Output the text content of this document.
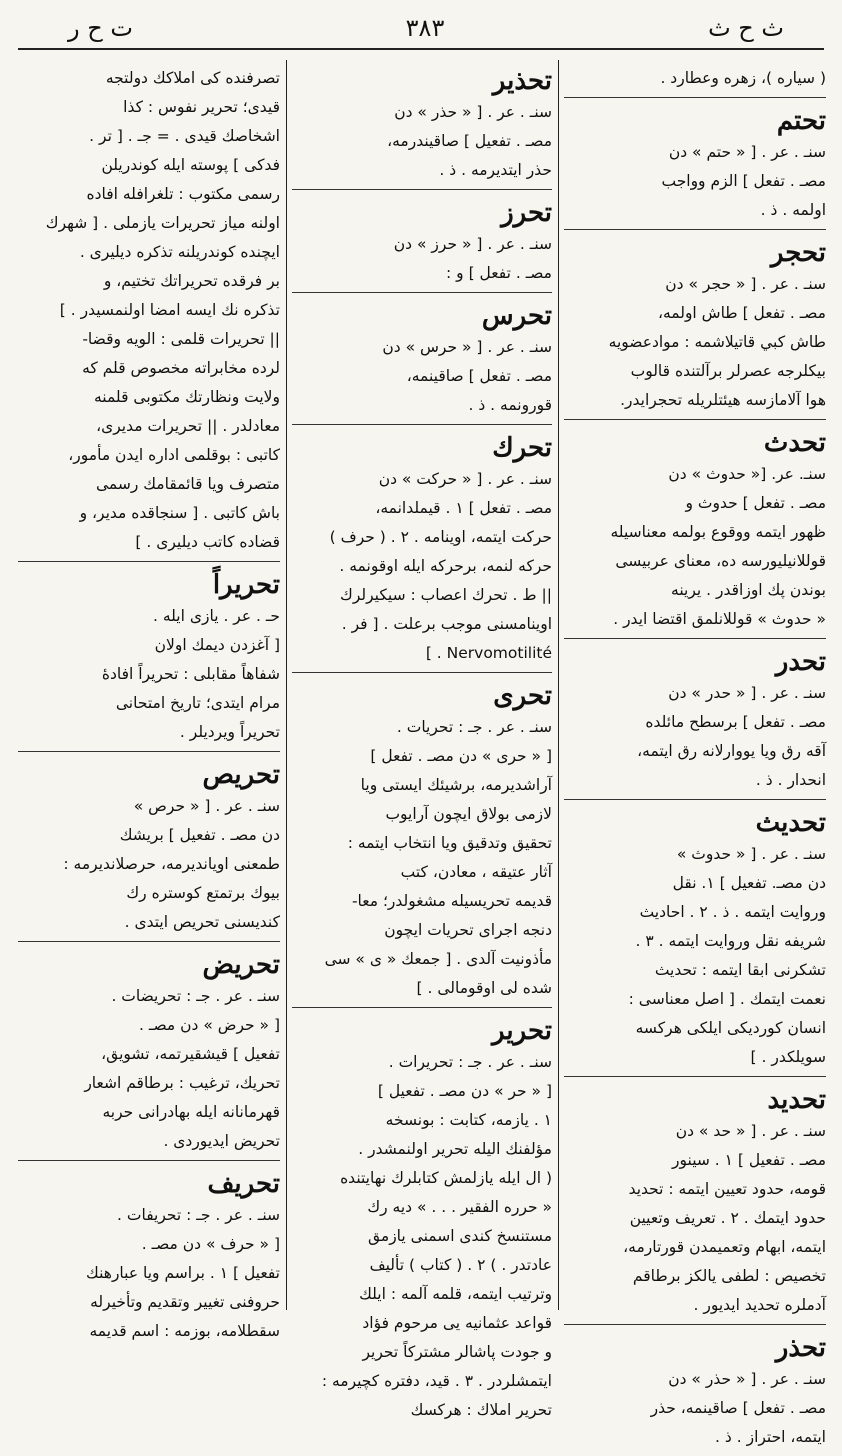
ث ح ث
٣٨٣
ت ح ر
( سياره )، زهره وعطارد .
تحتم
سنـ . عر . [ « حتم » دن
مصـ . تفعل ] الزم وواجب
اولمه . ذ .
تحجر
سنـ . عر . [ « حجر » دن
مصـ . تفعل ] طاش اولمه،
طاش كبي قاتيلاشمه : موادعضويه
بيكلرجه عصرلر برآلتنده قالوب
هوا آلامازسه هيئتلريله تحجرايدر.
تحدث
سنـ. عر. [« حدوث » دن
مصـ . تفعل ] حدوث و
ظهور ايتمه ووقوع بولمه معناسيله
قوللانيليورسه ده، معناى عربيسى
بوندن پك اوزاقدر . يرينه
« حدوث » قوللانلمق اقتضا ايدر .
تحدر
سنـ . عر . [ « حدر » دن
مصـ . تفعل ] برسطح مائلده
آقه رق ويا يووارلانه رق ايتمه،
انحدار . ذ .
تحديث
سنـ . عر . [ « حدوث »
دن مصـ. تفعيل ] ١. نقل
وروايت ايتمه . ذ . ٢ . احاديث
شريفه نقل وروايت ايتمه . ٣ .
تشكرنى ابقا ايتمه : تحديث
نعمت ايتمك . [ اصل معناسى :
انسان كورديكى ايلكى هركسه
سويلكدر . ]
تحديد
سنـ . عر . [ « حد » دن
مصـ . تفعيل ] ١ . سينور
قومه، حدود تعيين ايتمه : تحديد
حدود ايتمك . ٢ . تعريف وتعيين
ايتمه، ابهام وتعميمدن قورتارمه،
تخصيص : لطفى يالكز برطاقم
آدملره تحديد ايديور .
تحذر
سنـ . عر . [ « حذر » دن
مصـ . تفعل ] صاقينمه، حذر
ايتمه، احتراز . ذ .
تحذير
سنـ . عر . [ « حذر » دن
مصـ . تفعيل ] صاقيندرمه،
حذر ايتديرمه . ذ .
تحرز
سنـ . عر . [ « حرز » دن
مصـ . تفعل ] و :
تحرس
سنـ . عر . [ « حرس » دن
مصـ . تفعل ] صاقينمه،
قورونمه . ذ .
تحرك
سنـ . عر . [ « حركت » دن
مصـ . تفعل ] ١ . قيملدانمه،
حركت ايتمه، اوينامه . ٢ . ( حرف )
حركه لنمه، برحركه ايله اوقونمه .
|| ط . تحرك اعصاب : سيكيرلرك
اوينامسنى موجب برعلت . [ فر .
Nervomotilité . ]
تحرى
سنـ . عر . جـ : تحريات .
[ « حرى » دن مصـ . تفعل ]
آراشديرمه، برشيئك ايستى ويا
لازمى بولاق ايچون آرايوب
تحقيق وتدقيق ويا انتخاب ايتمه :
آثار عتيقه ، معادن، كتب
قديمه تحريسيله مشغولدر؛ معا-
دنجه اجراى تحريات ايچون
مأذونيت آلدى . [ جمعك « ى » سى
شده لى اوقومالى . ]
تحرير
سنـ . عر . جـ : تحريرات .
[ « حر » دن مصـ . تفعيل ]
١ . يازمه، كتابت : بونسخه
مؤلفنك اليله تحرير اولنمشدر .
( ال ايله يازلمش كتابلرك نهايتنده
« حرره الفقير . . . » ديه رك
مستنسخ كندى اسمنى يازمق
عادتدر . ) ٢ . ( كتاب ) تأليف
وترتيب ايتمه، قلمه آلمه : ايلك
قواعد عثمانيه يى مرحوم فؤاد
و جودت پاشالر مشتركاً تحرير
ايتمشلردر . ٣ . قيد، دفتره كچيرمه :
تحرير املاك : هركسك
تصرفنده كى املاكك دولتجه
قيدى؛ تحرير نفوس : كذا
اشخاصك قيدى . = جـ . [ تر .
فدكى ] پوسته ايله كوندريلن
رسمى مكتوب : تلغرافله افاده
اولنه مياز تحريرات يازملى . [ شهرك
ايچنده كوندريلنه تذكره ديليرى .
بر فرقده تحريراتك تختيم، و
تذكره نك ايسه امضا اولنمسيدر . ]
|| تحريرات قلمى : الويه وقضا-
لرده مخابراته مخصوص قلم كه
ولايت ونظارتك مكتوبى قلمنه
معادلدر . || تحريرات مديرى،
كاتبى : بوقلمى اداره ايدن مأمور،
متصرف ويا قائمقامك رسمى
باش كاتبى . [ سنجاقده مدير، و
قضاده كاتب ديليرى . ]
تحريراً
حـ . عر . يازى ايله .
[ آغزدن ديمك اولان
شفاهاً مقابلى : تحريراً افادهٔ
مرام ايتدى؛ تاريخ امتحانى
تحريراً ويرديلر .
تحريص
سنـ . عر . [ « حرص »
دن مصـ . تفعيل ] بريشك
طمعنى اويانديرمه، حرصلانديرمه :
بيوك برتمتع كوستره رك
كنديسنى تحريص ايتدى .
تحريض
سنـ . عر . جـ : تحريضات .
[ « حرض » دن مصـ .
تفعيل ] قيشقيرتمه، تشويق،
تحريك، ترغيب : برطاقم اشعار
قهرمانانه ايله بهادرانى حربه
تحريض ايديوردى .
تحريف
سنـ . عر . جـ : تحريفات .
[ « حرف » دن مصـ .
تفعيل ] ١ . براسم ويا عبارهنك
حروفنى تغيير وتقديم وتأخيرله
سقطلامه، بوزمه : اسم قديمه
